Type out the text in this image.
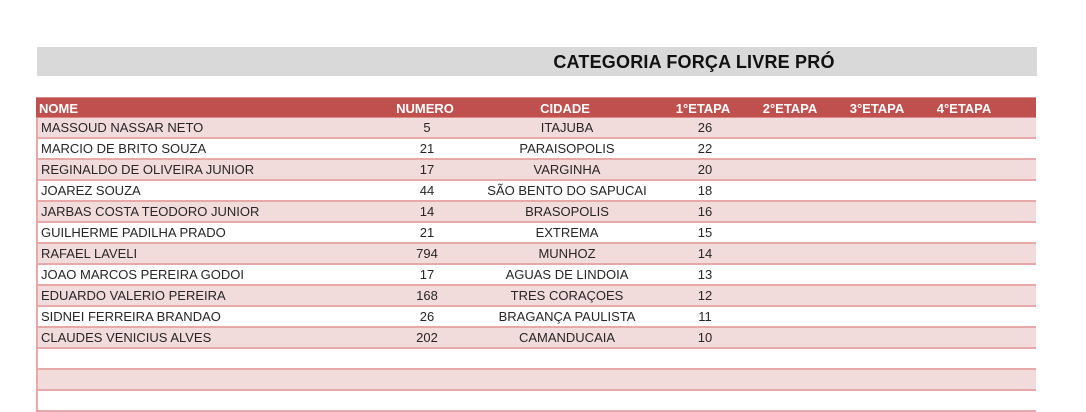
CATEGORIA FORÇA LIVRE PRÓ
NOME	NUMERO	CIDADE	1°ETAPA	2°ETAPA	3°ETAPA	4°ETAPA	5
MASSOUD NASSAR NETO	5	ITAJUBA	26
MARCIO DE BRITO SOUZA	21	PARAISOPOLIS	22
REGINALDO DE OLIVEIRA JUNIOR	17	VARGINHA	20
JOAREZ SOUZA	44	SÃO BENTO DO SAPUCAI	18
JARBAS COSTA TEODORO JUNIOR	14	BRASOPOLIS	16
GUILHERME PADILHA PRADO	21	EXTREMA	15
RAFAEL LAVELI	794	MUNHOZ	14
JOAO MARCOS PEREIRA GODOI	17	AGUAS DE LINDOIA	13
EDUARDO VALERIO PEREIRA	168	TRES CORAÇOES	12
SIDNEI FERREIRA BRANDAO	26	BRAGANÇA PAULISTA	11
CLAUDES VENICIUS ALVES	202	CAMANDUCAIA	10
